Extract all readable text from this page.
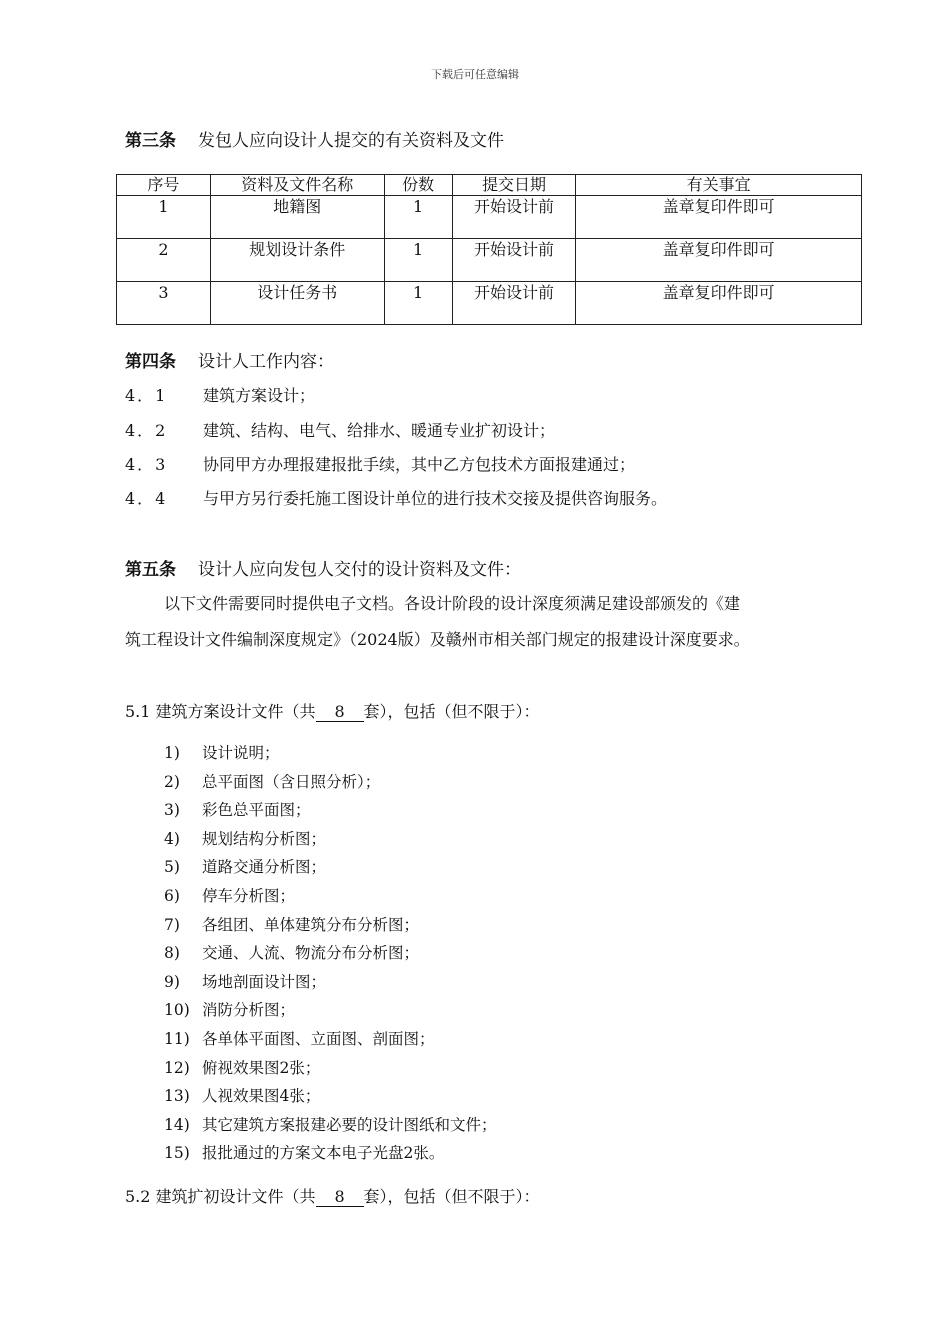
下载后可任意编辑
第三条 发包人应向设计人提交的有关资料及文件
序号	资料及文件名称	份数	提交日期	有关事宜
1	地籍图	1	开始设计前	盖章复印件即可
2	规划设计条件	1	开始设计前	盖章复印件即可
3	设计任务书	1	开始设计前	盖章复印件即可
第四条 设计人工作内容：
4．1 建筑方案设计；
4．2 建筑、结构、电气、给排水、暖通专业扩初设计；
4．3 协同甲方办理报建报批手续，其中乙方包技术方面报建通过；
4．4 与甲方另行委托施工图设计单位的进行技术交接及提供咨询服务。
第五条 设计人应向发包人交付的设计资料及文件：
以下文件需要同时提供电子文档。各设计阶段的设计深度须满足建设部颁发的《建
筑工程设计文件编制深度规定》（2024版）及赣州市相关部门规定的报建设计深度要求。
5.1 建筑方案设计文件（共 8 套），包括（但不限于）：
1) 设计说明；
2) 总平面图（含日照分析）；
3) 彩色总平面图；
4) 规划结构分析图；
5) 道路交通分析图；
6) 停车分析图；
7) 各组团、单体建筑分布分析图；
8) 交通、人流、物流分布分析图；
9) 场地剖面设计图；
10) 消防分析图；
11) 各单体平面图、立面图、剖面图；
12) 俯视效果图2张；
13) 人视效果图4张；
14) 其它建筑方案报建必要的设计图纸和文件；
15) 报批通过的方案文本电子光盘2张。
5.2 建筑扩初设计文件（共 8 套），包括（但不限于）：
